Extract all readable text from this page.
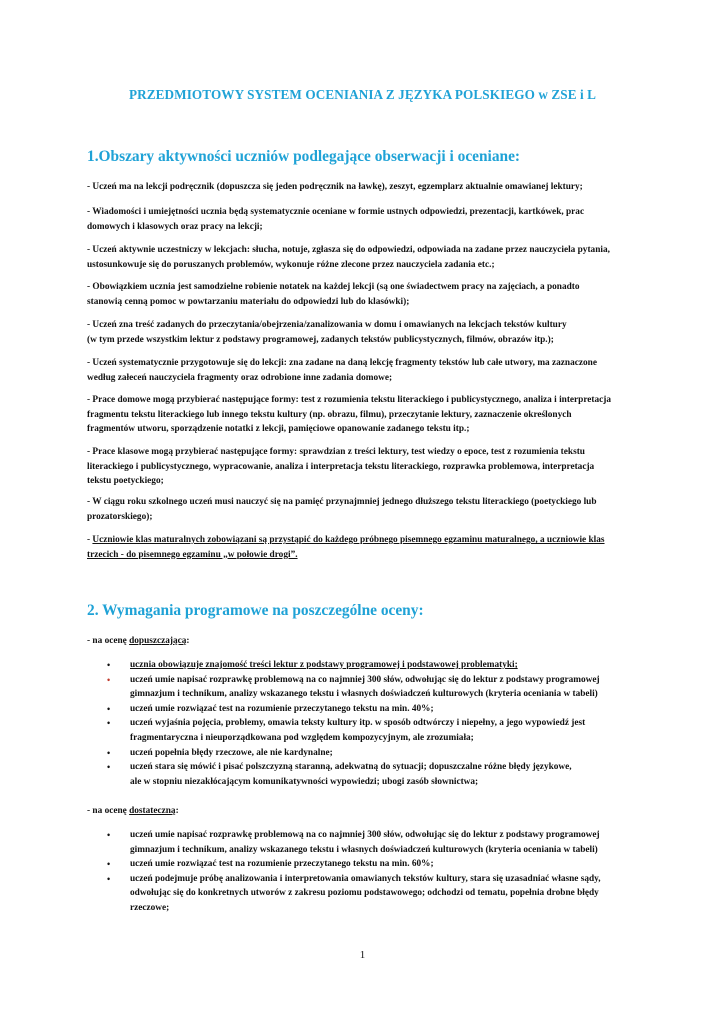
PRZEDMIOTOWY SYSTEM OCENIANIA Z JĘZYKA POLSKIEGO w ZSE i L
1.Obszary aktywności uczniów podlegające obserwacji i oceniane:
- Uczeń ma na lekcji podręcznik (dopuszcza się jeden podręcznik na ławkę), zeszyt, egzemplarz aktualnie omawianej lektury;
- Wiadomości i umiejętności ucznia będą systematycznie oceniane w formie ustnych odpowiedzi, prezentacji, kartkówek, prac
domowych i klasowych oraz pracy na lekcji;
- Uczeń aktywnie uczestniczy w lekcjach: słucha, notuje, zgłasza się do odpowiedzi, odpowiada na zadane przez nauczyciela pytania,
ustosunkowuje się do poruszanych problemów, wykonuje różne zlecone przez nauczyciela zadania etc.;
- Obowiązkiem ucznia jest samodzielne robienie notatek na każdej lekcji (są one świadectwem pracy na zajęciach, a ponadto
stanowią cenną pomoc w powtarzaniu materiału do odpowiedzi lub do klasówki);
- Uczeń zna treść zadanych do przeczytania/obejrzenia/zanalizowania w domu i omawianych na lekcjach tekstów kultury
(w tym przede wszystkim lektur z podstawy programowej, zadanych tekstów publicystycznych, filmów, obrazów itp.);
- Uczeń systematycznie przygotowuje się do lekcji: zna zadane na daną lekcję fragmenty tekstów lub całe utwory, ma zaznaczone
według załeceń nauczyciela fragmenty oraz odrobione inne zadania domowe;
- Prace domowe mogą przybierać następujące formy: test z rozumienia tekstu literackiego i publicystycznego, analiza i interpretacja
fragmentu tekstu literackiego lub innego tekstu kultury (np. obrazu, filmu), przeczytanie lektury, zaznaczenie określonych
fragmentów utworu, sporządzenie notatki z lekcji, pamięciowe opanowanie zadanego tekstu itp.;
- Prace klasowe mogą przybierać następujące formy: sprawdzian z treści lektury, test wiedzy o epoce, test z rozumienia tekstu
literackiego i publicystycznego, wypracowanie, analiza i interpretacja tekstu literackiego, rozprawka problemowa, interpretacja
tekstu poetyckiego;
- W ciągu roku szkolnego uczeń musi nauczyć się na pamięć przynajmniej jednego dłuższego tekstu literackiego (poetyckiego lub
prozatorskiego);
- Uczniowie klas maturalnych zobowiązani są przystąpić do każdego próbnego pisemnego egzaminu maturalnego, a uczniowie klas
trzecich - do pisemnego egzaminu „w połowie drogi”.
2. Wymagania programowe na poszczególne oceny:
- na ocenę dopuszczającą:
•	ucznia obowiązuje znajomość treści lektur z podstawy programowej i podstawowej problematyki;
•	uczeń umie napisać rozprawkę problemową na co najmniej 300 słów, odwołując się do lektur z podstawy programowej
gimnazjum i technikum, analizy wskazanego tekstu i własnych doświadczeń kulturowych (kryteria oceniania w tabeli)
•	uczeń umie rozwiązać test na rozumienie przeczytanego tekstu na min. 40%;
•	uczeń wyjaśnia pojęcia, problemy, omawia teksty kultury itp. w sposób odtwórczy i niepełny, a jego wypowiedź jest
fragmentaryczna i nieuporządkowana pod względem kompozycyjnym, ale zrozumiała;
•	uczeń popełnia błędy rzeczowe, ale nie kardynalne;
•	uczeń stara się mówić i pisać polszczyzną staranną, adekwatną do sytuacji; dopuszczalne różne błędy językowe,
ale w stopniu niezakłócającym komunikatywności wypowiedzi; ubogi zasób słownictwa;
- na ocenę dostateczną:
•	uczeń umie napisać rozprawkę problemową na co najmniej 300 słów, odwołując się do lektur z podstawy programowej
gimnazjum i technikum, analizy wskazanego tekstu i własnych doświadczeń kulturowych (kryteria oceniania w tabeli)
•	uczeń umie rozwiązać test na rozumienie przeczytanego tekstu na min. 60%;
•	uczeń podejmuje próbę analizowania i interpretowania omawianych tekstów kultury, stara się uzasadniać własne sądy,
odwołując się do konkretnych utworów z zakresu poziomu podstawowego; odchodzi od tematu, popełnia drobne błędy
rzeczowe;
1
